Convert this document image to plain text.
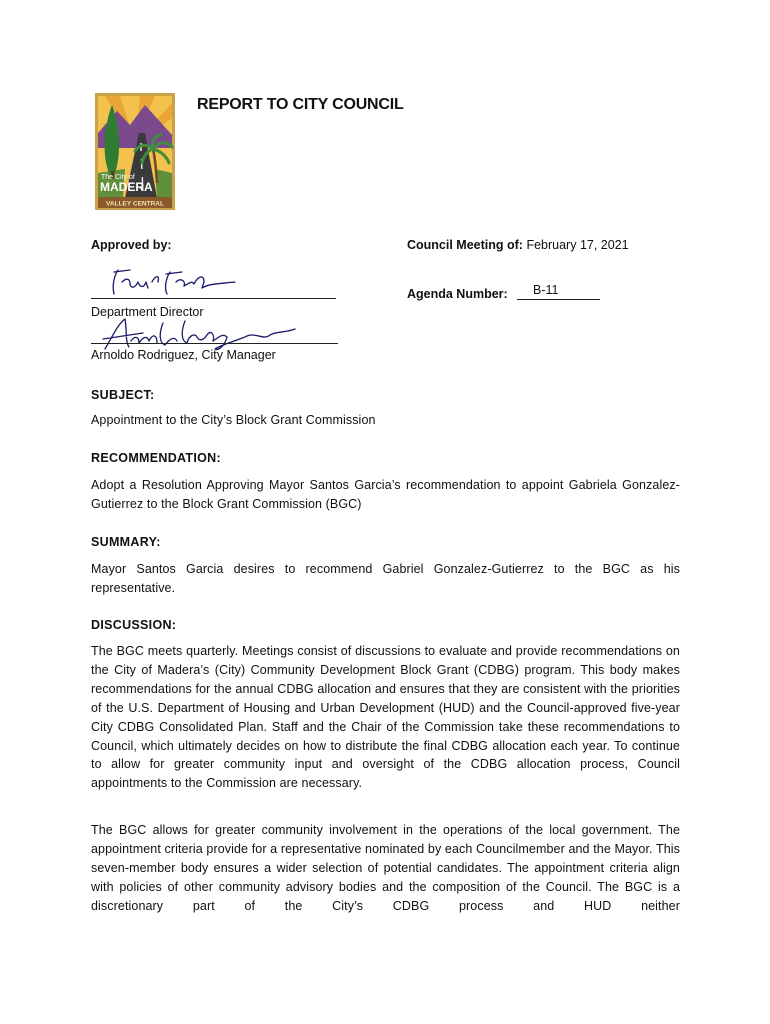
VALLEY CENTRAL
The City of
MADERA
REPORT TO CITY COUNCIL
Approved by:
Department Director
Arnoldo Rodriguez, City Manager
Council Meeting of: February 17, 2021
Agenda Number: B-11
SUBJECT:
Appointment to the City’s Block Grant Commission
RECOMMENDATION:
Adopt a Resolution Approving Mayor Santos Garcia’s recommendation to appoint Gabriela Gonzalez-Gutierrez to the Block Grant Commission (BGC)
SUMMARY:
Mayor Santos Garcia desires to recommend Gabriel Gonzalez-Gutierrez to the BGC as his representative.
DISCUSSION:
The BGC meets quarterly. Meetings consist of discussions to evaluate and provide recommendations on the City of Madera’s (City) Community Development Block Grant (CDBG) program. This body makes recommendations for the annual CDBG allocation and ensures that they are consistent with the priorities of the U.S. Department of Housing and Urban Development (HUD) and the Council-approved five-year City CDBG Consolidated Plan. Staff and the Chair of the Commission take these recommendations to Council, which ultimately decides on how to distribute the final CDBG allocation each year. To continue to allow for greater community input and oversight of the CDBG allocation process, Council appointments to the Commission are necessary.
The BGC allows for greater community involvement in the operations of the local government. The appointment criteria provide for a representative nominated by each Councilmember and the Mayor. This seven-member body ensures a wider selection of potential candidates. The appointment criteria align with policies of other community advisory bodies and the composition of the Council. The BGC is a discretionary part of the City’s CDBG process and HUD neither
